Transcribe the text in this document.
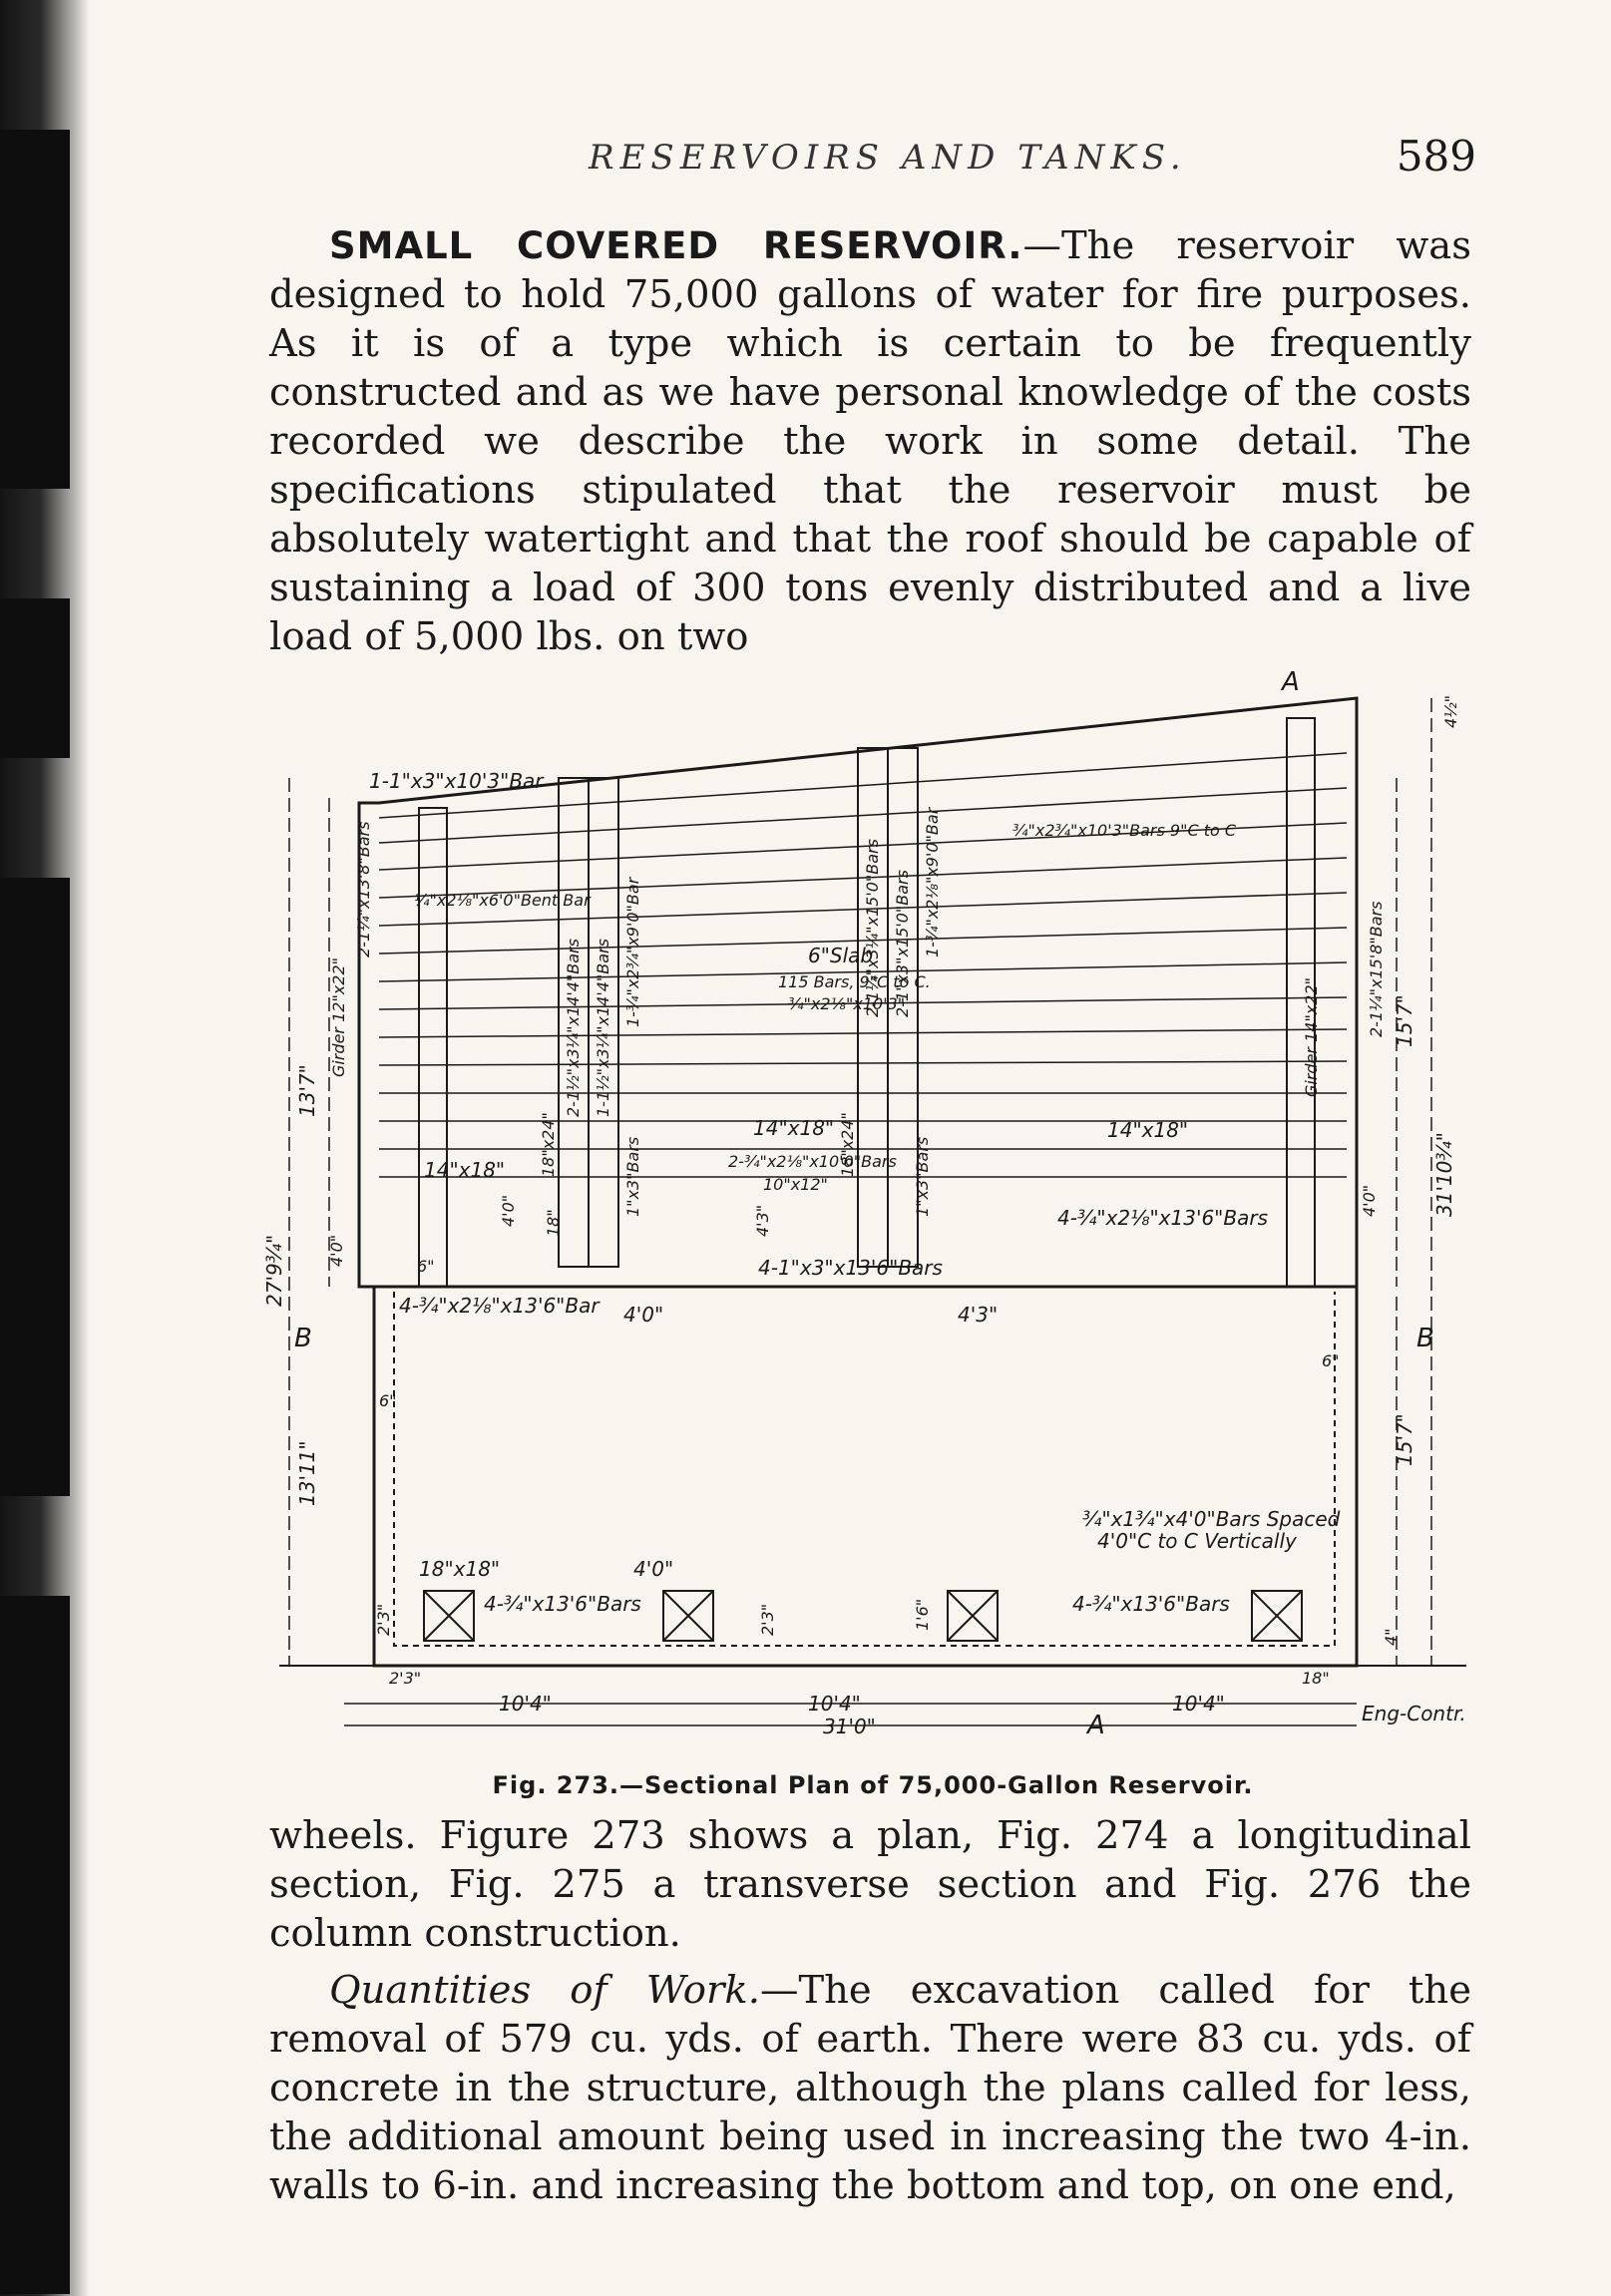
RESERVOIRS AND TANKS.	589

SMALL COVERED RESERVOIR.—The reservoir was designed to hold 75,000 gallons of water for fire purposes. As it is of a type which is certain to be frequently constructed and as we have personal knowledge of the costs recorded we describe the work in some detail. The specifications stipulated that the reservoir must be absolutely watertight and that the roof should be capable of sustaining a load of 300 tons evenly distributed and a live load of 5,000 lbs. on two

A
1-1"x3"x10'3"Bar
¾"x2¾"x10'3"Bars 9"C to C
¼"x2⅛"x6'0"Bent Bar
6"Slab
115 Bars, 9"C to C.
¾"x2⅛"x10'3"
14"x18"
14"x18"
14"x18"	2-¾"x2⅛"x10'0"Bars
10"x12"
4-¾"x2⅛"x13'6"Bars
4-1"x3"x13'6"Bars
4-¾"x2⅛"x13'6"Bar
6"
4'0"	4'3"
B	B
6"
6"
¾"x1¾"x4'0"Bars Spaced
4'0"C to C Vertically
18"x18"	4'0"
4-¾"x13'6"Bars	4-¾"x13'6"Bars
2'3"	18"
10'4"	10'4"	10'4"
31'0"	A	Eng-Contr.
Girder 12"x22"
2-1¼"x13'8"Bars
2-1½"x3¼"x14'4"Bars 1-1½"x3¼"x14'4"Bars 1-¾"x2¾"x9'0"Bar	2-1¼"x3¼"x15'0"Bars 2-1"x3"x15'0"Bars 1-¾"x2⅛"x9'0"Bar
2-1¼"x15'8"Bars
Girder 14"x22"
18"x24"	18"x24"
1"x3"Bars	1"x3"Bars
4'0" 18"	4'3"
4'0"
4'0"
4½"
4"
2'3"	2'3"	1'6"
13'7"
27'9¾"
13'11"
15'7"
15'7"
31'10¾"
Fig. 273.—Sectional Plan of 75,000-Gallon Reservoir.

wheels. Figure 273 shows a plan, Fig. 274 a longitudinal section, Fig. 275 a transverse section and Fig. 276 the column construction.

Quantities of Work.—The excavation called for the removal of 579 cu. yds. of earth. There were 83 cu. yds. of concrete in the structure, although the plans called for less, the additional amount being used in increasing the two 4-in. walls to 6-in. and increasing the bottom and top, on one end,
